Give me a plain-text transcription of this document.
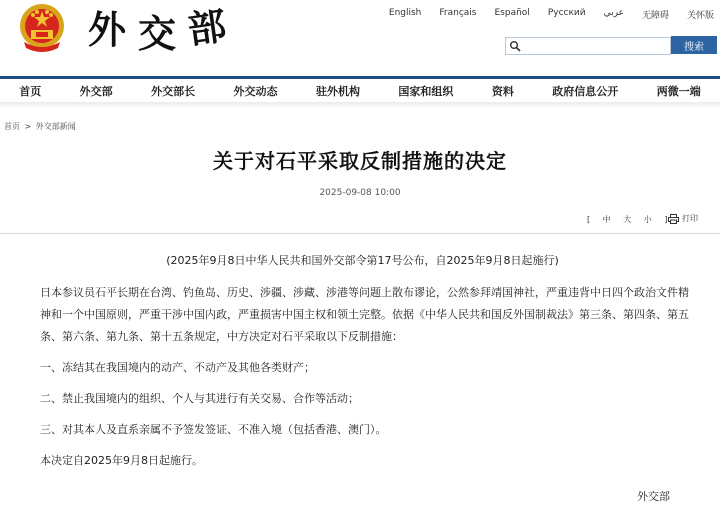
外 交 部	English Français Español Русский عربي 无障碍 关怀版
搜索
首页	外交部	外交部长	外交动态	驻外机构	国家和组织	资料	政府信息公开	两微一端
首页 > 外交部新闻
关于对石平采取反制措施的决定
2025-09-08 10:00
[ 中 大 小 ]	打印

(2025年9月8日中华人民共和国外交部令第17号公布，自2025年9月8日起施行)

日本参议员石平长期在台湾、钓鱼岛、历史、涉疆、涉藏、涉港等问题上散布谬论，公然参拜靖国神社，严重违背中日四个政治文件精神和一个中国原则，严重干涉中国内政，严重损害中国主权和领土完整。依据《中华人民共和国反外国制裁法》第三条、第四条、第五条、第六条、第九条、第十五条规定，中方决定对石平采取以下反制措施：

一、冻结其在我国境内的动产、不动产及其他各类财产；

二、禁止我国境内的组织、个人与其进行有关交易、合作等活动；

三、对其本人及直系亲属不予签发签证、不准入境（包括香港、澳门）。

本决定自2025年9月8日起施行。

外交部
